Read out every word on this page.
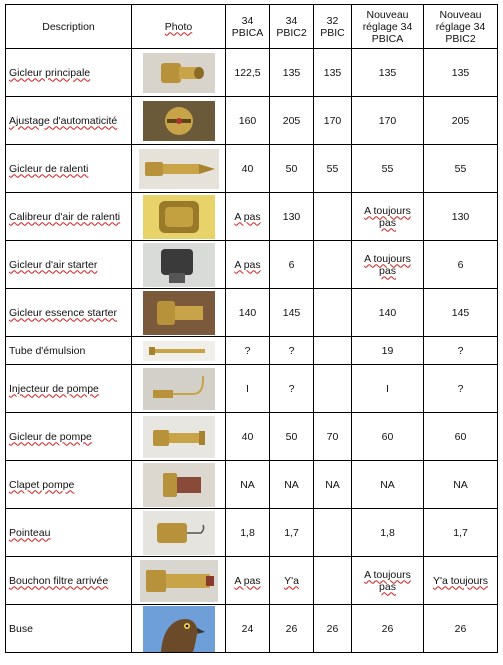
Description	Photo	34 PBICA	34 PBIC2	32 PBIC	Nouveau réglage 34 PBICA	Nouveau réglage 34 PBIC2
Gicleur principale		122,5	135	135	135	135
Ajustage d'automaticité		160	205	170	170	205
Gicleur de ralenti		40	50	55	55	55
Calibreur d'air de ralenti		A pas	130		A toujours pas	130
Gicleur d'air starter		A pas	6		A toujours pas	6
Gicleur essence starter		140	145		140	145
Tube d'émulsion		?	?		19	?
Injecteur de pompe		I	?		I	?
Gicleur de pompe		40	50	70	60	60
Clapet pompe		NA	NA	NA	NA	NA
Pointeau		1,8	1,7		1,8	1,7
Bouchon filtre arrivée		A pas	Y'a		A toujours pas	Y'a toujours
Buse		24	26	26	26	26
